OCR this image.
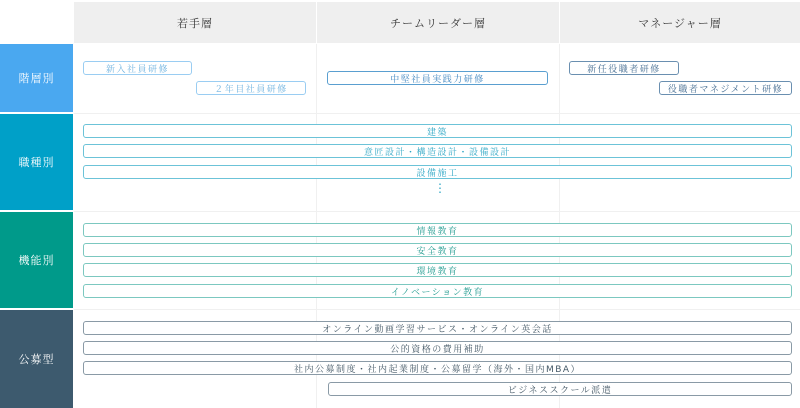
若手層	チームリーダー層	マネージャー層
階層別
職種別
機能別
公募型
新入社員研修
２年目社員研修
中堅社員実践力研修
新任役職者研修
役職者マネジメント研修
建築
意匠設計・構造設計・設備設計
設備施工
⋮
情報教育
安全教育
環境教育
イノベーション教育
オンライン動画学習サービス・オンライン英会話
公的資格の費用補助
社内公募制度・社内起業制度・公募留学（海外・国内MBA）
ビジネススクール派遣
